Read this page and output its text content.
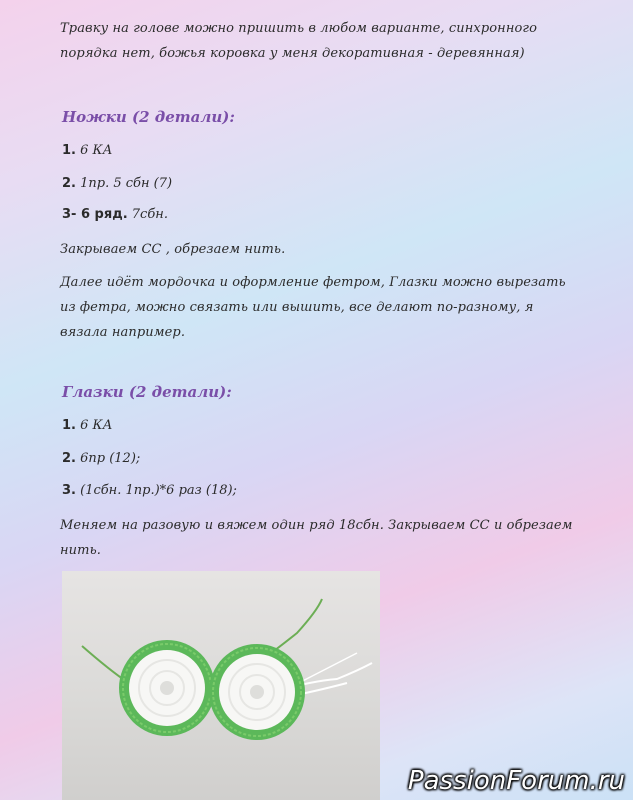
Травку на голове можно пришить в любом варианте, синхронного порядка нет, божья коровка у меня декоративная - деревянная)
Ножки (2 детали):
1. 6 КА
2. 1пр. 5 сбн (7)
3- 6 ряд. 7сбн.
Закрываем СС , обрезаем нить.
Далее идёт мордочка и оформление фетром, Глазки можно вырезать из фетра, можно связать или вышить, все делают по-разному, я вязала например.
Глазки (2 детали):
1. 6 КА
2. 6пр (12);
3. (1сбн. 1пр.)*6 раз (18);
Меняем на разовую и вяжем один ряд 18сбн. Закрываем СС и обрезаем нить.
PassionForum.ru
